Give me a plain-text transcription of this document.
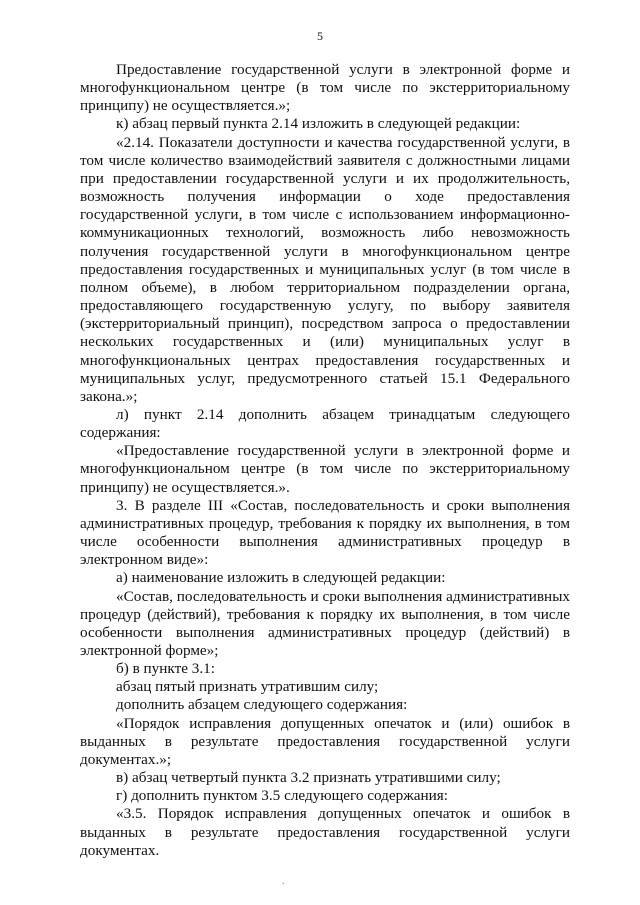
5

Предоставление государственной услуги в электронной форме и многофункциональном центре (в том числе по экстерриториальному принципу) не осуществляется.»;

к) абзац первый пункта 2.14 изложить в следующей редакции:

«2.14. Показатели доступности и качества государственной услуги, в том числе количество взаимодействий заявителя с должностными лицами при предоставлении государственной услуги и их продолжительность, возможность получения информации о ходе предоставления государственной услуги, в том числе с использованием информационно-коммуникационных технологий, возможность либо невозможность получения государственной услуги в многофункциональном центре предоставления государственных и муниципальных услуг (в том числе в полном объеме), в любом территориальном подразделении органа, предоставляющего государственную услугу, по выбору заявителя (экстерриториальный принцип), посредством запроса о предоставлении нескольких государственных и (или) муниципальных услуг в многофункциональных центрах предоставления государственных и муниципальных услуг, предусмотренного статьей 15.1 Федерального закона.»;

л) пункт 2.14 дополнить абзацем тринадцатым следующего содержания:

«Предоставление государственной услуги в электронной форме и многофункциональном центре (в том числе по экстерриториальному принципу) не осуществляется.».

3. В разделе III «Состав, последовательность и сроки выполнения административных процедур, требования к порядку их выполнения, в том числе особенности выполнения административных процедур в электронном виде»:

а) наименование изложить в следующей редакции:

«Состав, последовательность и сроки выполнения административных процедур (действий), требования к порядку их выполнения, в том числе особенности выполнения административных процедур (действий) в электронной форме»;

б) в пункте 3.1:

абзац пятый признать утратившим силу;

дополнить абзацем следующего содержания:

«Порядок исправления допущенных опечаток и (или) ошибок в выданных в результате предоставления государственной услуги документах.»;

в) абзац четвертый пункта 3.2 признать утратившими силу;

г) дополнить пунктом 3.5 следующего содержания:

«3.5. Порядок исправления допущенных опечаток и ошибок в выданных в результате предоставления государственной услуги документах.

.
